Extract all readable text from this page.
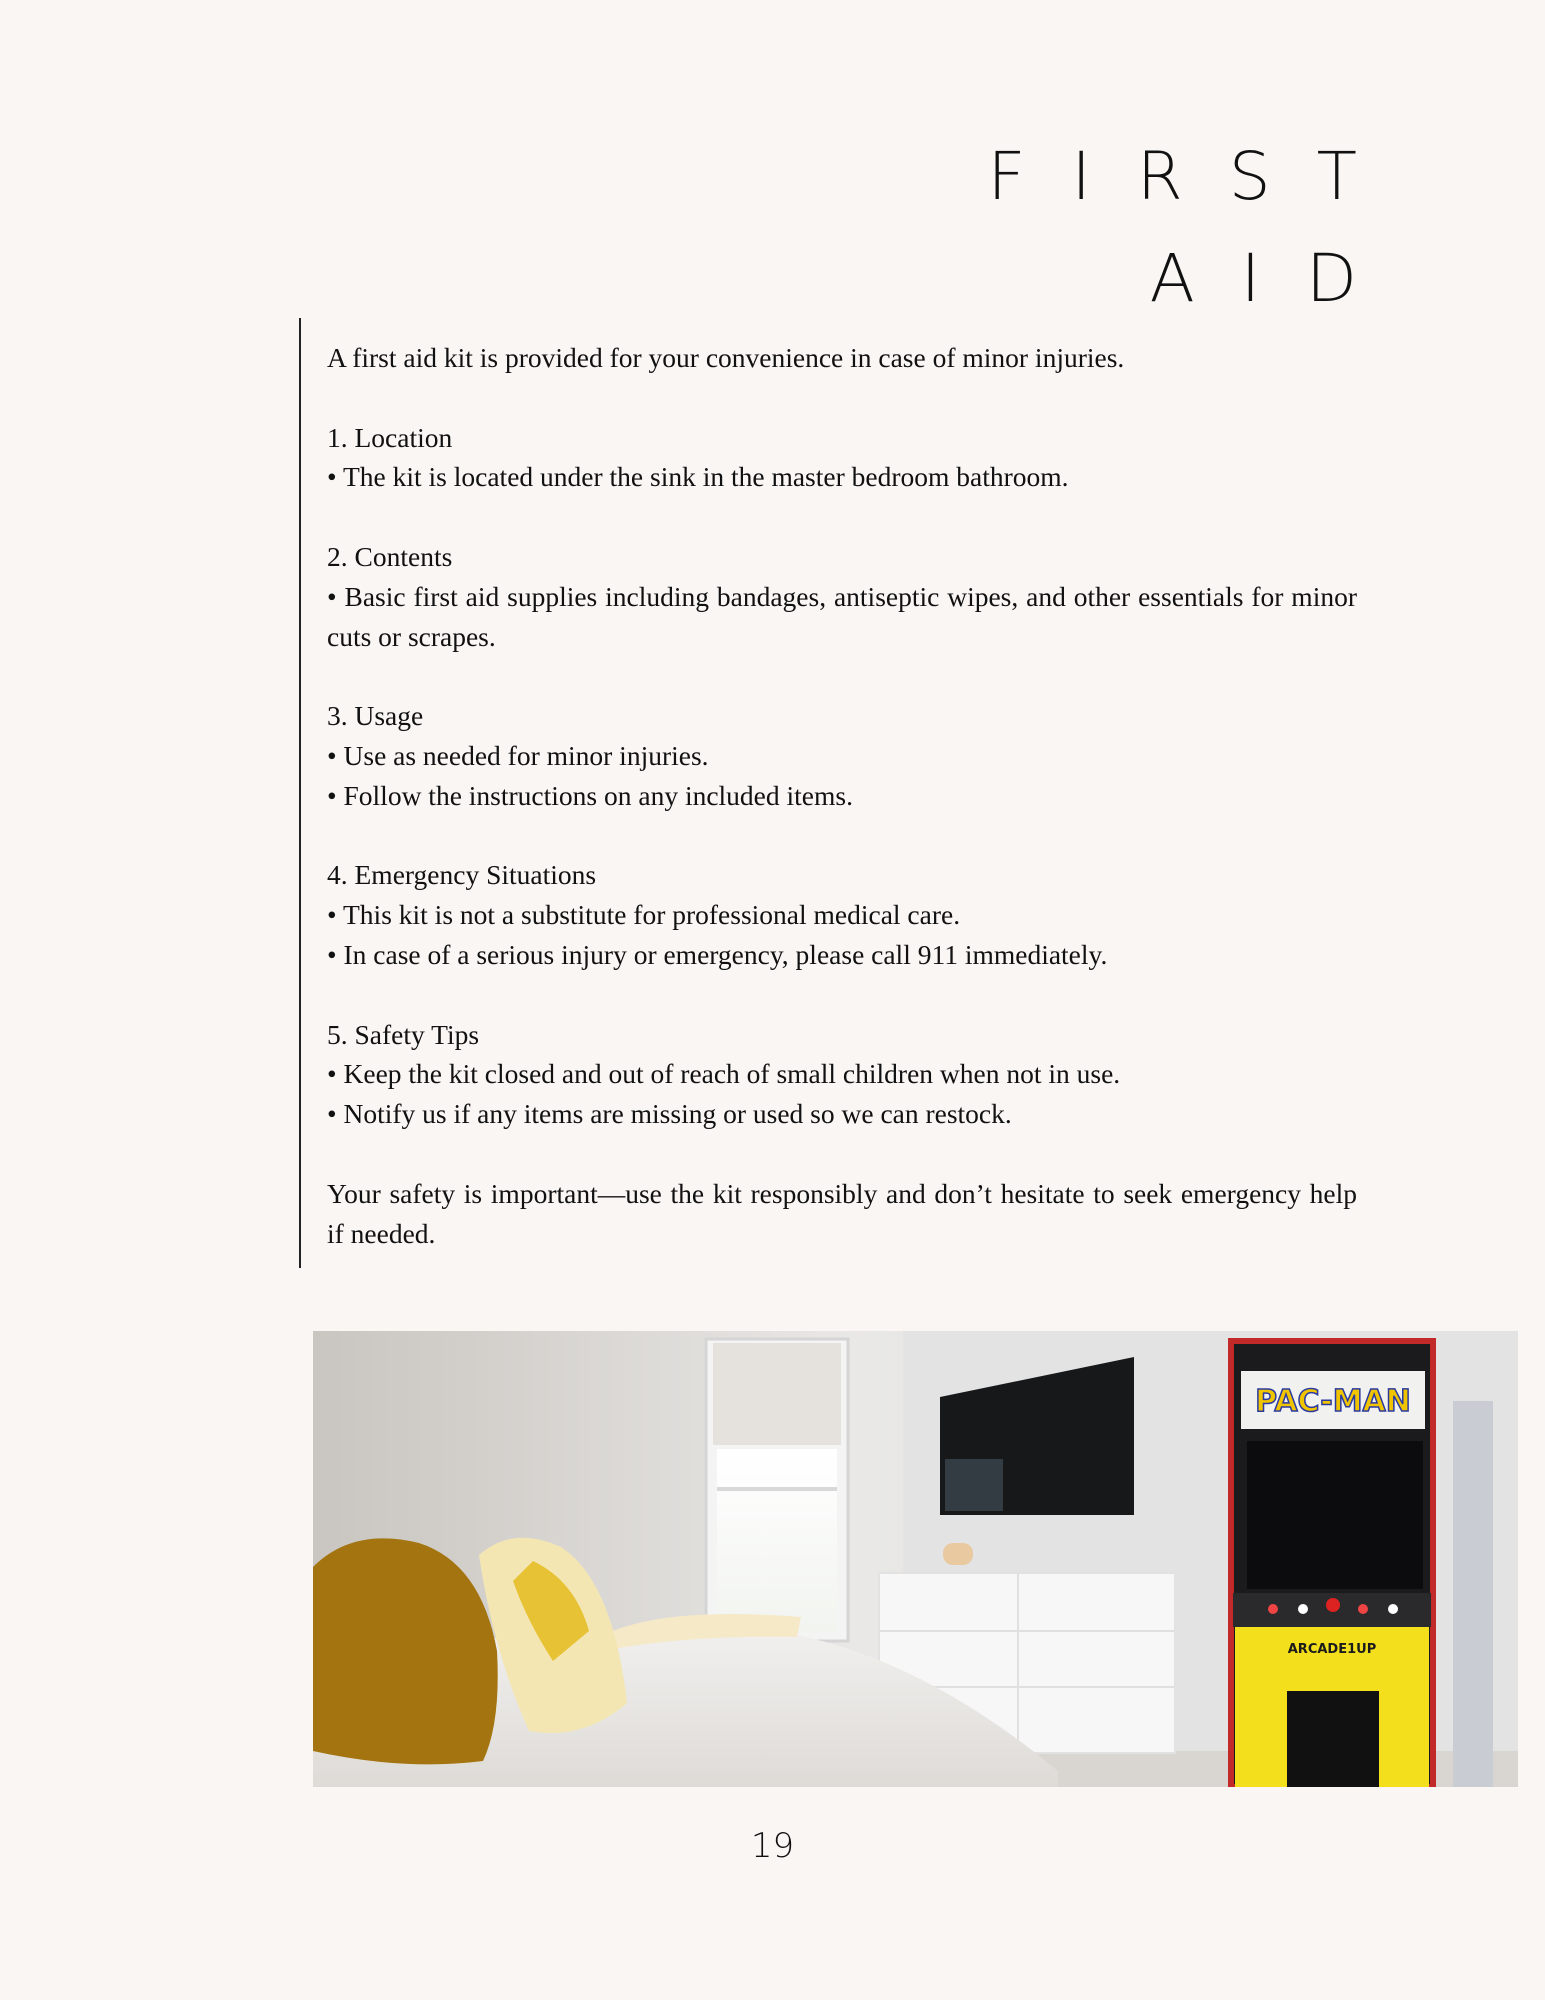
FIRST
AID

A first aid kit is provided for your convenience in case of minor injuries.

1. Location
• The kit is located under the sink in the master bedroom bathroom.

2. Contents
• Basic first aid supplies including bandages, antiseptic wipes, and other essentials for minor cuts or scrapes.

3. Usage
• Use as needed for minor injuries.
• Follow the instructions on any included items.

4. Emergency Situations
• This kit is not a substitute for professional medical care.
• In case of a serious injury or emergency, please call 911 immediately.

5. Safety Tips
• Keep the kit closed and out of reach of small children when not in use.
• Notify us if any items are missing or used so we can restock.

Your safety is important—use the kit responsibly and don’t hesitate to seek emergency help if needed.

PAC-MAN
ARCADE1UP
19
